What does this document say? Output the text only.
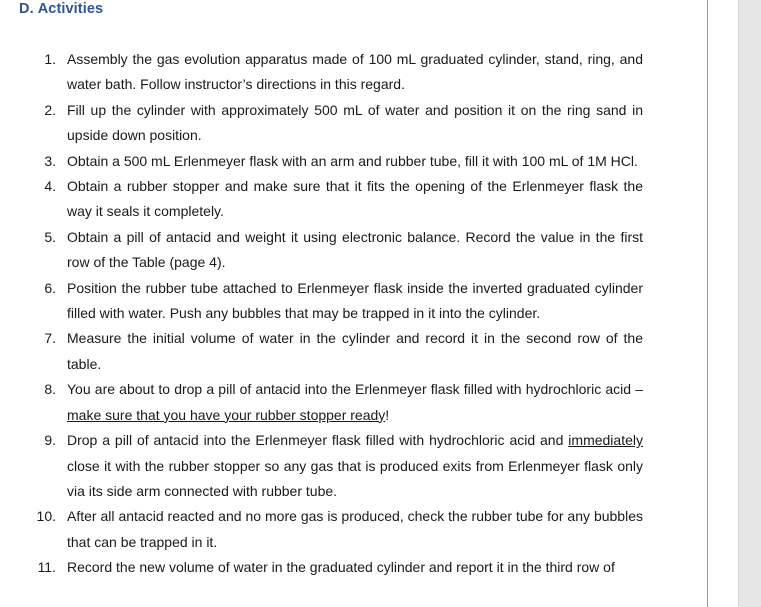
D. Activities
1. Assembly the gas evolution apparatus made of 100 mL graduated cylinder, stand, ring, and water bath. Follow instructor’s directions in this regard.
2. Fill up the cylinder with approximately 500 mL of water and position it on the ring sand in upside down position.
3. Obtain a 500 mL Erlenmeyer flask with an arm and rubber tube, fill it with 100 mL of 1M HCl.
4. Obtain a rubber stopper and make sure that it fits the opening of the Erlenmeyer flask the way it seals it completely.
5. Obtain a pill of antacid and weight it using electronic balance. Record the value in the first row of the Table (page 4).
6. Position the rubber tube attached to Erlenmeyer flask inside the inverted graduated cylinder filled with water. Push any bubbles that may be trapped in it into the cylinder.
7. Measure the initial volume of water in the cylinder and record it in the second row of the table.
8. You are about to drop a pill of antacid into the Erlenmeyer flask filled with hydrochloric acid – make sure that you have your rubber stopper ready!
9. Drop a pill of antacid into the Erlenmeyer flask filled with hydrochloric acid and immediately close it with the rubber stopper so any gas that is produced exits from Erlenmeyer flask only via its side arm connected with rubber tube.
10. After all antacid reacted and no more gas is produced, check the rubber tube for any bubbles that can be trapped in it.
11. Record the new volume of water in the graduated cylinder and report it in the third row of
